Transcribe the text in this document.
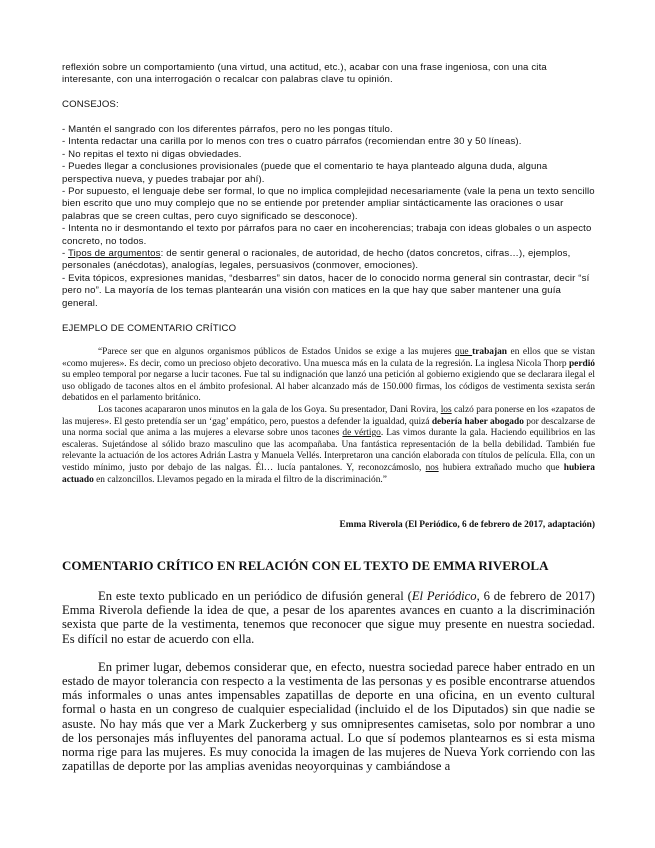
reflexión sobre un comportamiento (una virtud, una actitud, etc.), acabar con una frase ingeniosa, con una cita interesante, con una interrogación o recalcar con palabras clave tu opinión.

CONSEJOS:

- Mantén el sangrado con los diferentes párrafos, pero no les pongas título.

- Intenta redactar una carilla por lo menos con tres o cuatro párrafos (recomiendan entre 30 y 50 líneas).

- No repitas el texto ni digas obviedades.

- Puedes llegar a conclusiones provisionales (puede que el comentario te haya planteado alguna duda, alguna perspectiva nueva, y puedes trabajar por ahí).

- Por supuesto, el lenguaje debe ser formal, lo que no implica complejidad necesariamente (vale la pena un texto sencillo bien escrito que uno muy complejo que no se entiende por pretender ampliar sintácticamente las oraciones o usar palabras que se creen cultas, pero cuyo significado se desconoce).

- Intenta no ir desmontando el texto por párrafos para no caer en incoherencias; trabaja con ideas globales o un aspecto concreto, no todos.

- Tipos de argumentos: de sentir general o racionales, de autoridad, de hecho (datos concretos, cifras…), ejemplos, personales (anécdotas), analogías, legales, persuasivos (conmover, emociones).

- Evita tópicos, expresiones manidas, “desbarres” sin datos, hacer de lo conocido norma general sin contrastar, decir “sí pero no”. La mayoría de los temas plantearán una visión con matices en la que hay que saber mantener una guía general.

EJEMPLO DE COMENTARIO CRÍTICO

“Parece ser que en algunos organismos públicos de Estados Unidos se exige a las mujeres que trabajan en ellos que se vistan «como mujeres». Es decir, como un precioso objeto decorativo. Una muesca más en la culata de la regresión. La inglesa Nicola Thorp perdió su empleo temporal por negarse a lucir tacones. Fue tal su indignación que lanzó una petición al gobierno exigiendo que se declarara ilegal el uso obligado de tacones altos en el ámbito profesional. Al haber alcanzado más de 150.000 firmas, los códigos de vestimenta sexista serán debatidos en el parlamento británico.

Los tacones acapararon unos minutos en la gala de los Goya. Su presentador, Dani Rovira, los calzó para ponerse en los «zapatos de las mujeres». El gesto pretendía ser un ‘gag’ empático, pero, puestos a defender la igualdad, quizá debería haber abogado por descalzarse de una norma social que anima a las mujeres a elevarse sobre unos tacones de vértigo. Las vimos durante la gala. Haciendo equilibrios en las escaleras. Sujetándose al sólido brazo masculino que las acompañaba. Una fantástica representación de la bella debilidad. También fue relevante la actuación de los actores Adrián Lastra y Manuela Vellés. Interpretaron una canción elaborada con títulos de película. Ella, con un vestido mínimo, justo por debajo de las nalgas. Él… lucía pantalones. Y, reconozcámoslo, nos hubiera extrañado mucho que hubiera actuado en calzoncillos. Llevamos pegado en la mirada el filtro de la discriminación.”

Emma Riverola (El Periódico, 6 de febrero de 2017, adaptación)

COMENTARIO CRÍTICO EN RELACIÓN CON EL TEXTO DE EMMA RIVEROLA

En este texto publicado en un periódico de difusión general (El Periódico, 6 de febrero de 2017) Emma Riverola defiende la idea de que, a pesar de los aparentes avances en cuanto a la discriminación sexista que parte de la vestimenta, tenemos que reconocer que sigue muy presente en nuestra sociedad. Es difícil no estar de acuerdo con ella.

En primer lugar, debemos considerar que, en efecto, nuestra sociedad parece haber entrado en un estado de mayor tolerancia con respecto a la vestimenta de las personas y es posible encontrarse atuendos más informales o unas antes impensables zapatillas de deporte en una oficina, en un evento cultural formal o hasta en un congreso de cualquier especialidad (incluido el de los Diputados) sin que nadie se asuste. No hay más que ver a Mark Zuckerberg y sus omnipresentes camisetas, solo por nombrar a uno de los personajes más influyentes del panorama actual. Lo que sí podemos plantearnos es si esta misma norma rige para las mujeres. Es muy conocida la imagen de las mujeres de Nueva York corriendo con las zapatillas de deporte por las amplias avenidas neoyorquinas y cambiándose a
